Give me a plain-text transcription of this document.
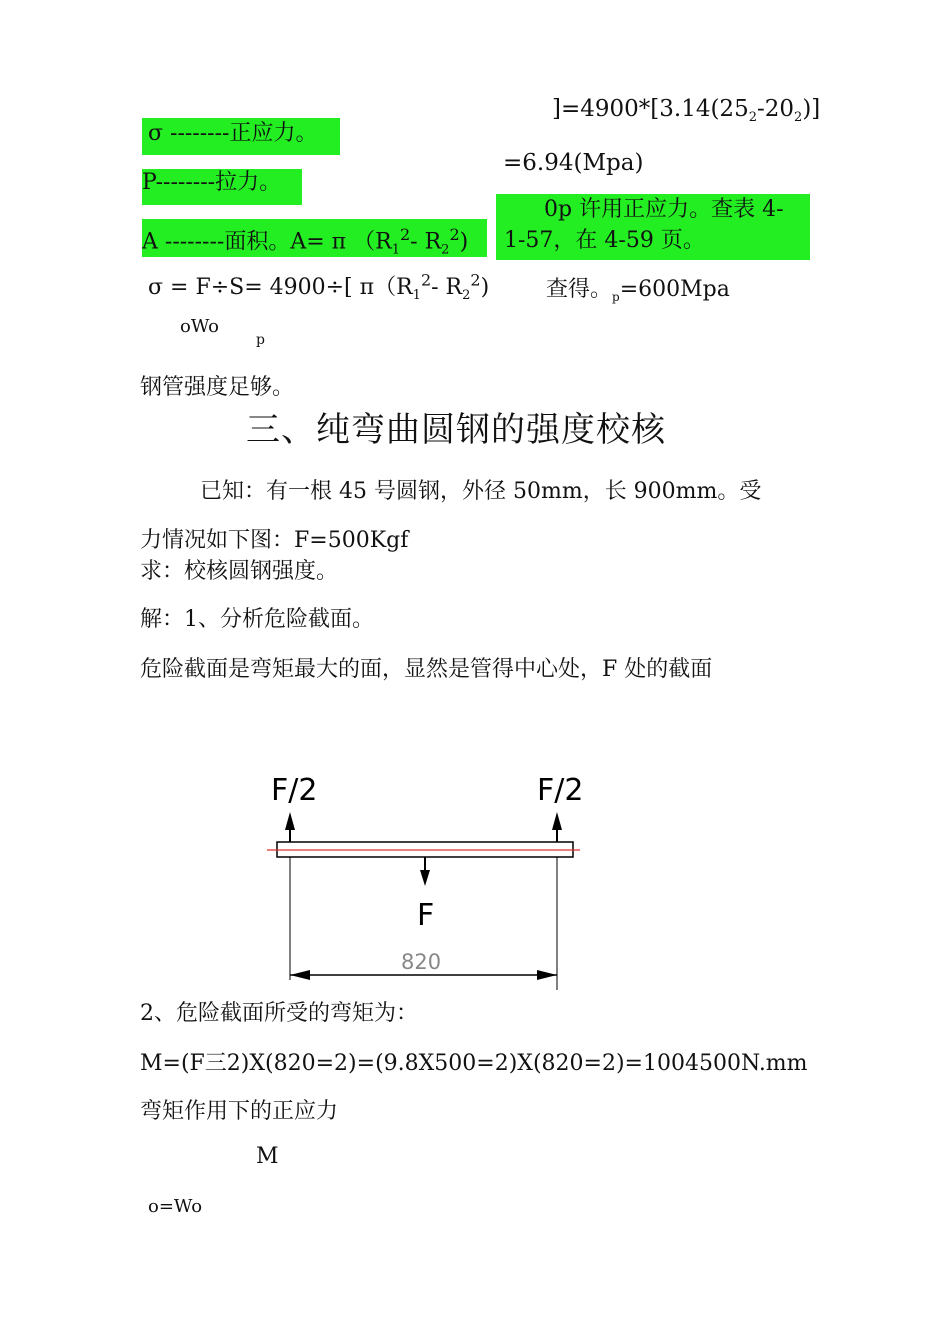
]$=4900*[3.14(25_2-20_2)]$
σ --------正应力。
=6.94(Mpa)
P--------拉力。
A --------面积。A= π （$R_1^2-$ $R_2^2$)
0p 许用正应力。查表 4-
1-57，在 4-59 页。
σ = F÷S= 4900÷[ $\pi(R_1^2-$ $R_2^2$)	查得。$_p$=600Mpa
oWo
p
钢管强度足够。
三、纯弯曲圆钢的强度校核
已知：有一根 45 号圆钢，外径 50mm，长 900mm。受
力情况如下图：F=500Kgf
求：校核圆钢强度。
解：1、分析危险截面。
危险截面是弯矩最大的面，显然是管得中心处，F 处的截面
F/2	F/2
F
820
2、危险截面所受的弯矩为：
M=(F三2)X(820=2)=(9.8X500=2)X(820=2)=1004500N.mm
弯矩作用下的正应力
M
o=Wo
